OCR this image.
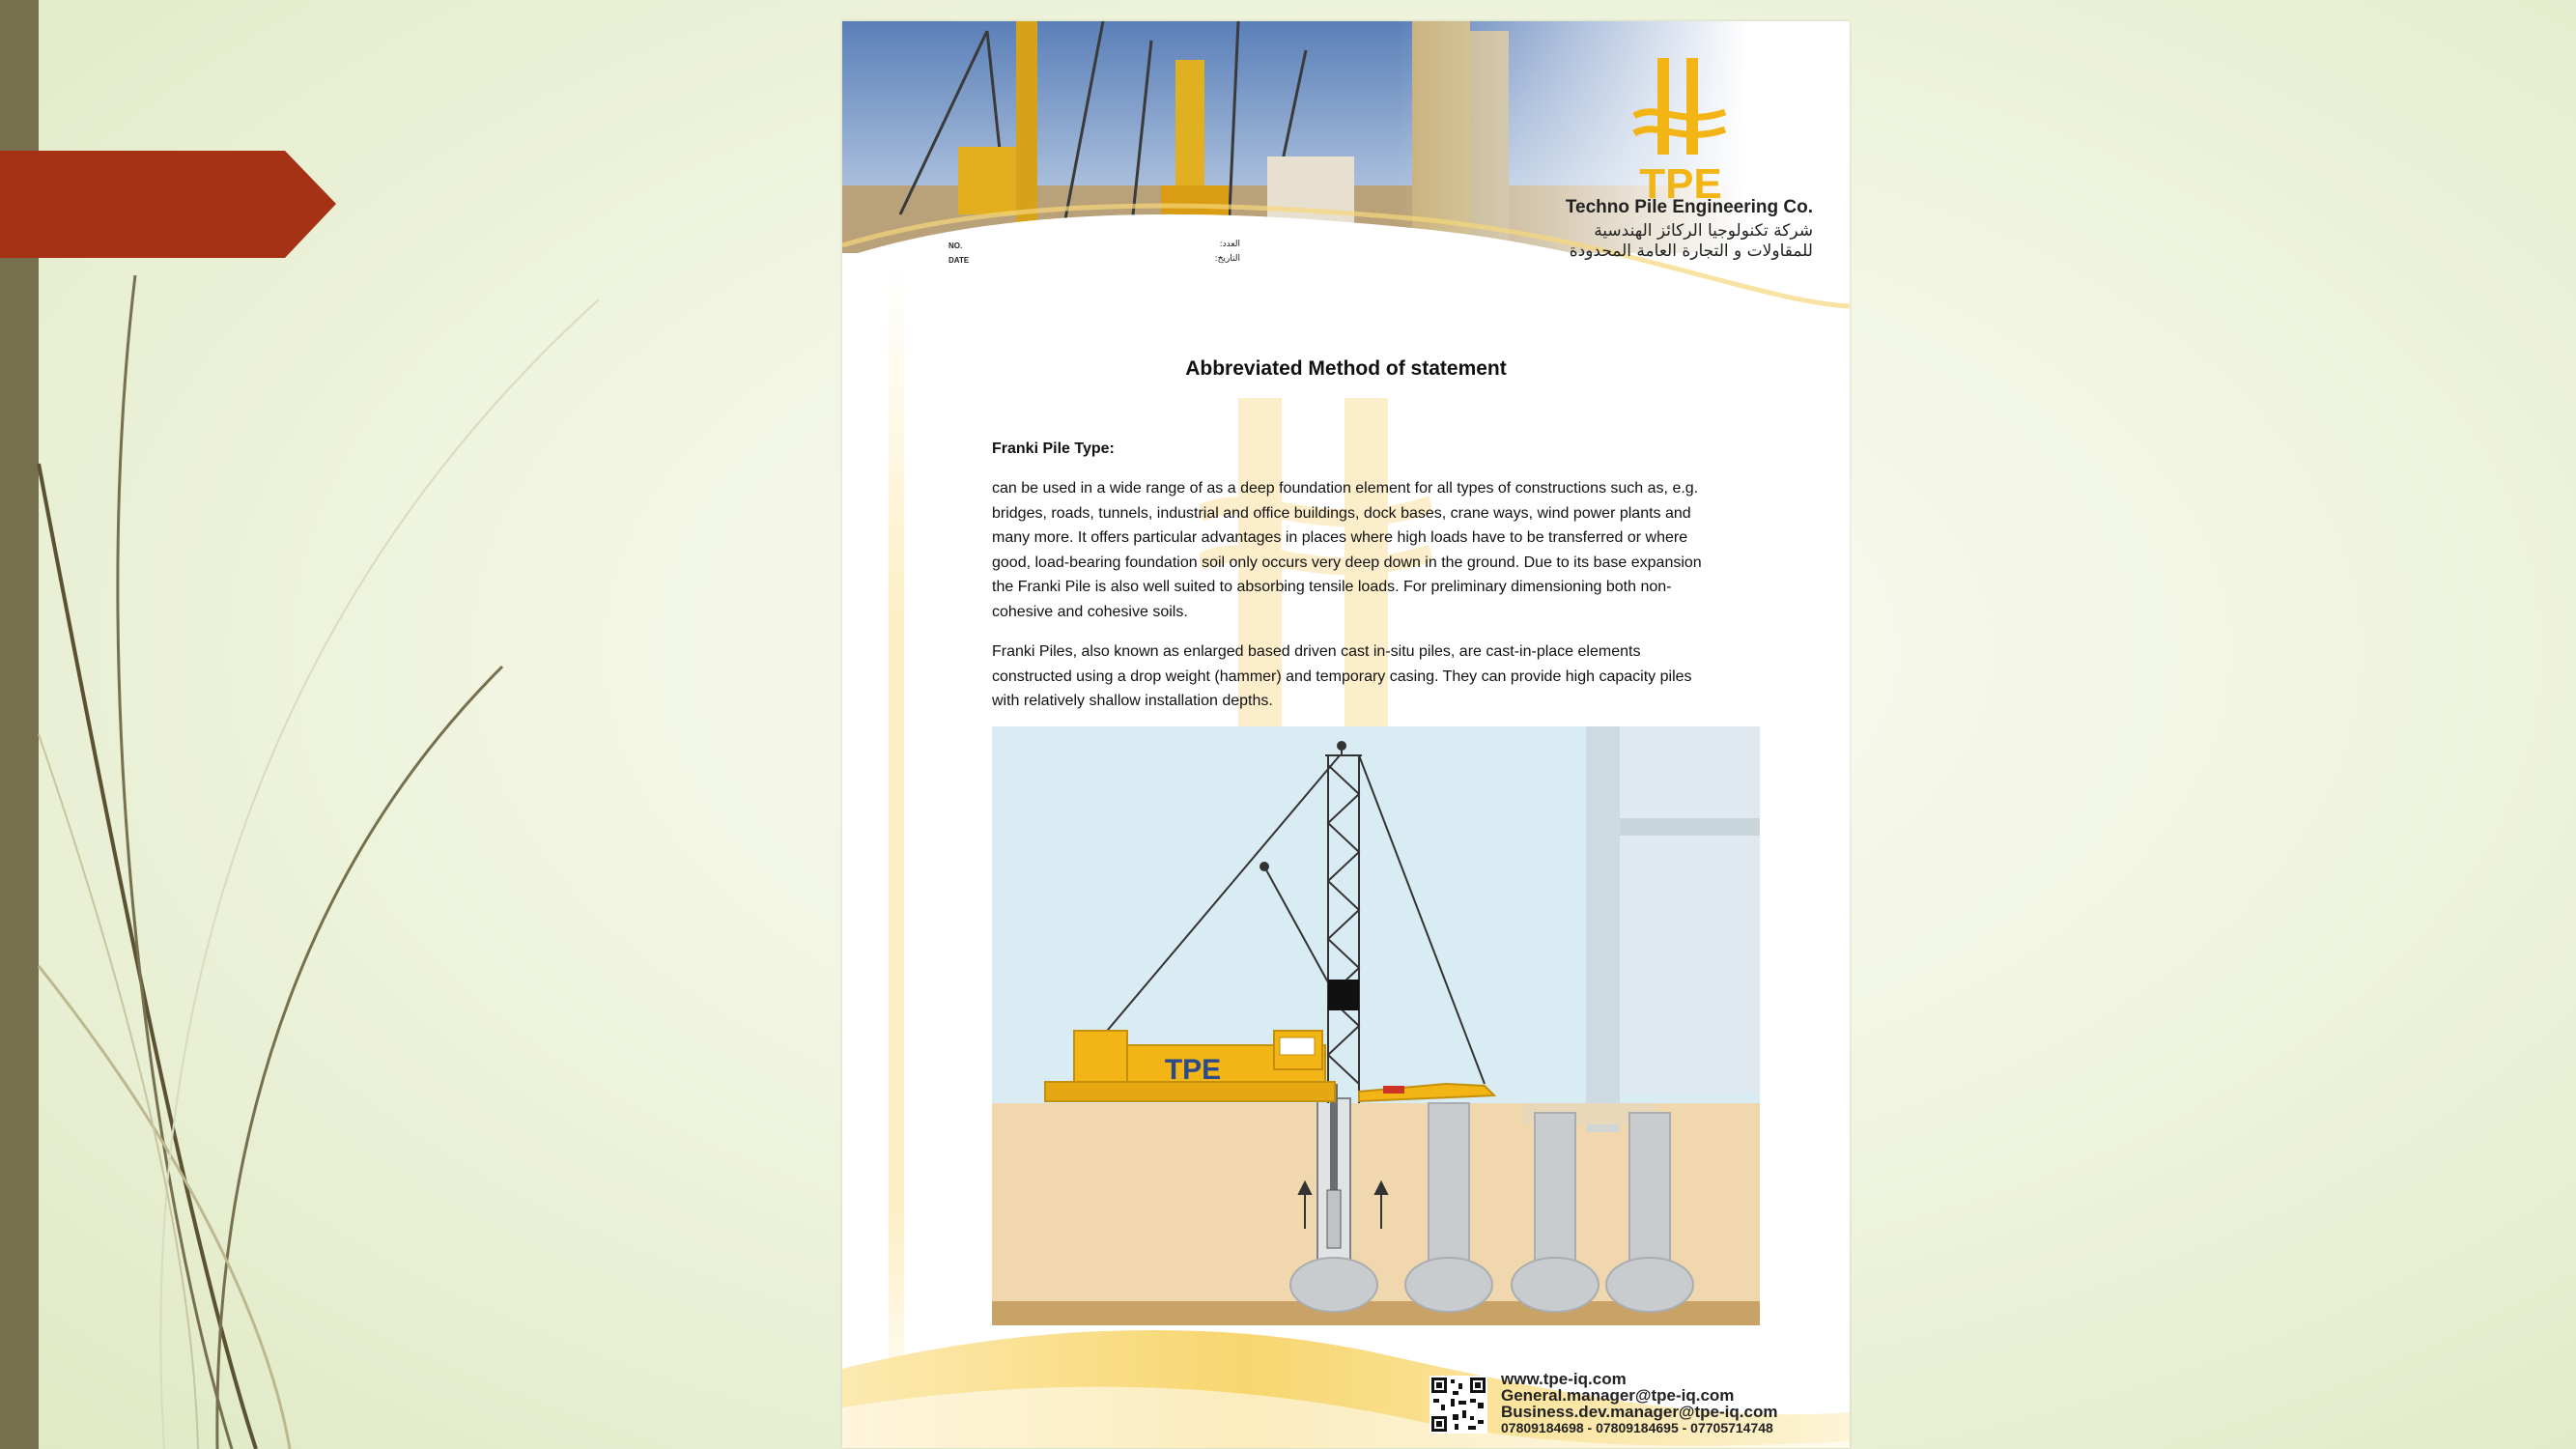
TPE
Techno Pile Engineering Co.
شركة تكنولوجيا الركائز الهندسية
للمقاولات و التجارة العامة المحدودة
NO.
DATE
العدد:
التاريخ:
Abbreviated Method of statement
Franki Pile Type:

can be used in a wide range of as a deep foundation element for all types of constructions such as, e.g. bridges, roads, tunnels, industrial and office buildings, dock bases, crane ways, wind power plants and many more. It offers particular advantages in places where high loads have to be transferred or where good, load-bearing foundation soil only occurs very deep down in the ground. Due to its base expansion the Franki Pile is also well suited to absorbing tensile loads. For preliminary dimensioning both non-cohesive and cohesive soils.

Franki Piles, also known as enlarged based driven cast in-situ piles, are cast-in-place elements constructed using a drop weight (hammer) and temporary casing. They can provide high capacity piles with relatively shallow installation depths.

TPE
www.tpe-iq.com
General.manager@tpe-iq.com
Business.dev.manager@tpe-iq.com
07809184698 - 07809184695 - 07705714748
